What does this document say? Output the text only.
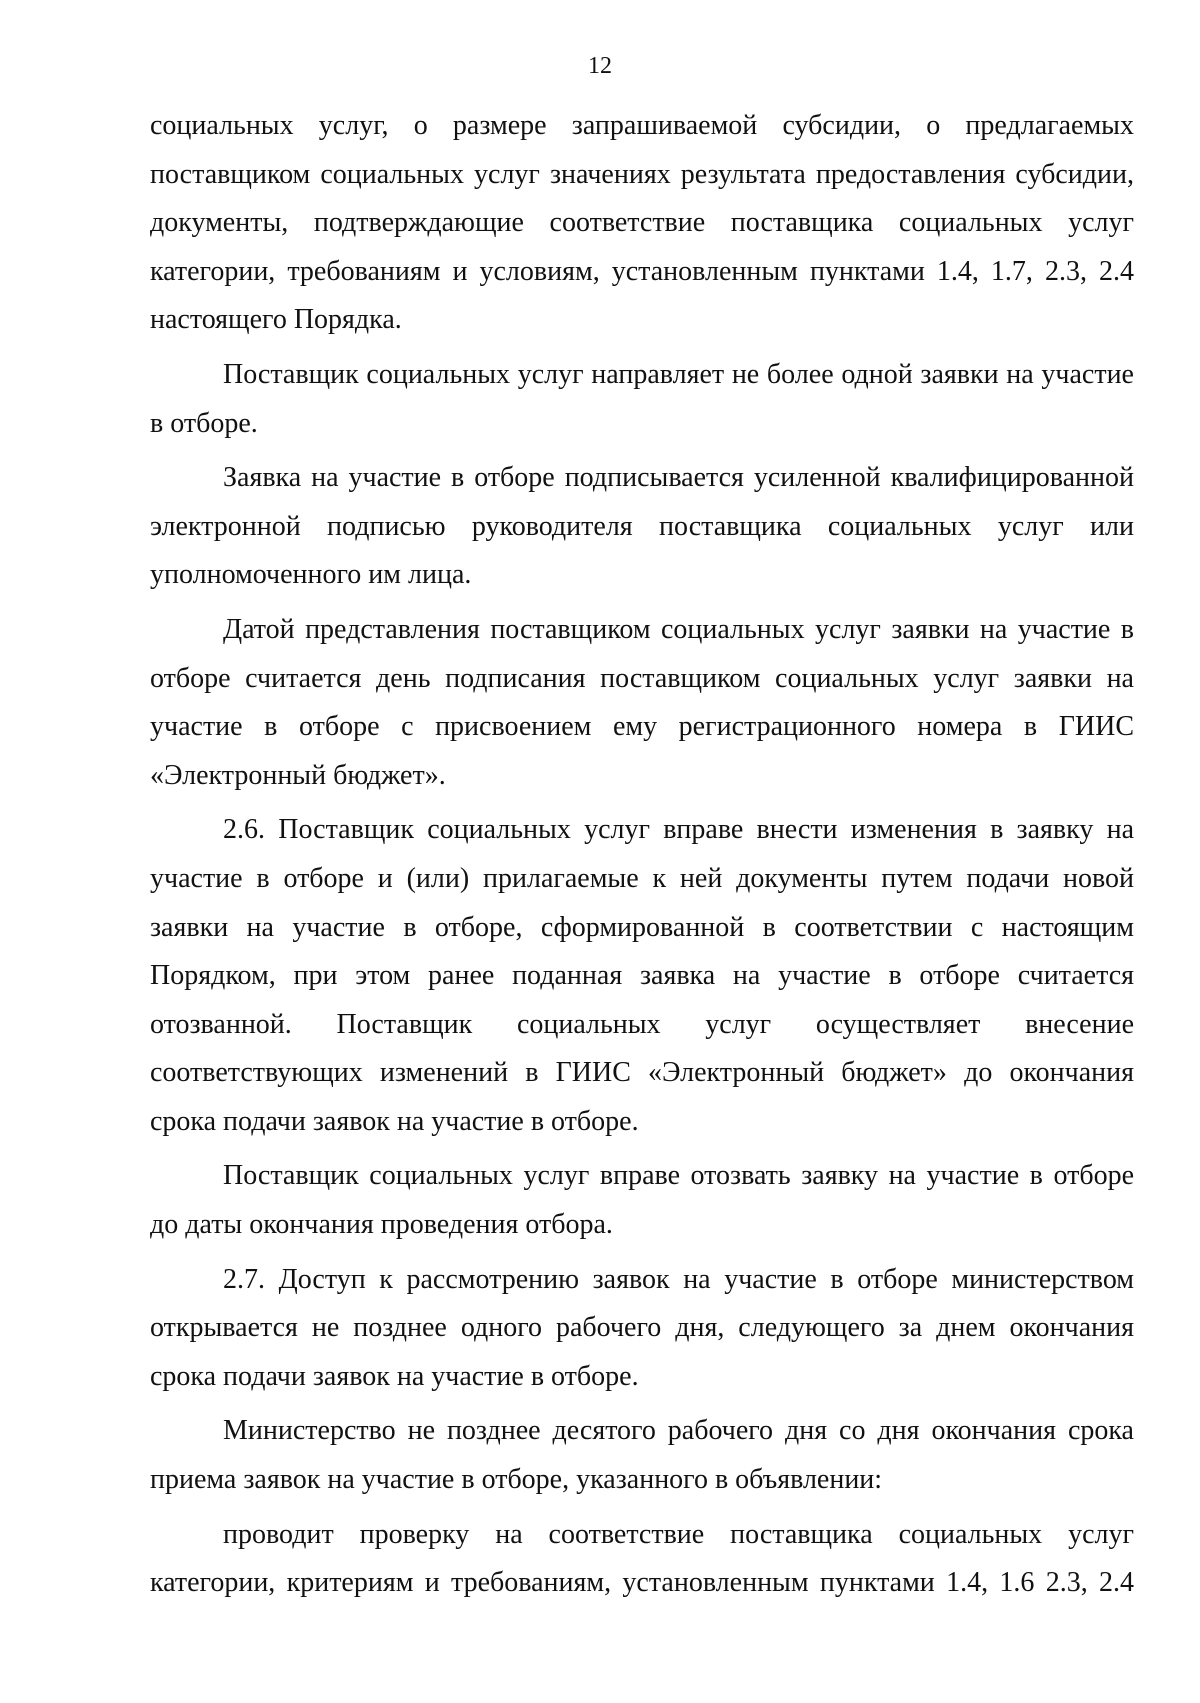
12

социальных услуг, о размере запрашиваемой субсидии, о предлагаемых поставщиком социальных услуг значениях результата предоставления субсидии, документы, подтверждающие соответствие поставщика социальных услуг категории, требованиям и условиям, установленным пунктами 1.4, 1.7, 2.3, 2.4 настоящего Порядка.

Поставщик социальных услуг направляет не более одной заявки на участие в отборе.

Заявка на участие в отборе подписывается усиленной квалифицированной электронной подписью руководителя поставщика социальных услуг или уполномоченного им лица.

Датой представления поставщиком социальных услуг заявки на участие в отборе считается день подписания поставщиком социальных услуг заявки на участие в отборе с присвоением ему регистрационного номера в ГИИС «Электронный бюджет».

2.6. Поставщик социальных услуг вправе внести изменения в заявку на участие в отборе и (или) прилагаемые к ней документы путем подачи новой заявки на участие в отборе, сформированной в соответствии с настоящим Порядком, при этом ранее поданная заявка на участие в отборе считается отозванной. Поставщик социальных услуг осуществляет внесение соответствующих изменений в ГИИС «Электронный бюджет» до окончания срока подачи заявок на участие в отборе.

Поставщик социальных услуг вправе отозвать заявку на участие в отборе до даты окончания проведения отбора.

2.7. Доступ к рассмотрению заявок на участие в отборе министерством открывается не позднее одного рабочего дня, следующего за днем окончания срока подачи заявок на участие в отборе.

Министерство не позднее десятого рабочего дня со дня окончания срока приема заявок на участие в отборе, указанного в объявлении:

проводит проверку на соответствие поставщика социальных услуг категории, критериям и требованиям, установленным пунктами 1.4, 1.6 2.3, 2.4
